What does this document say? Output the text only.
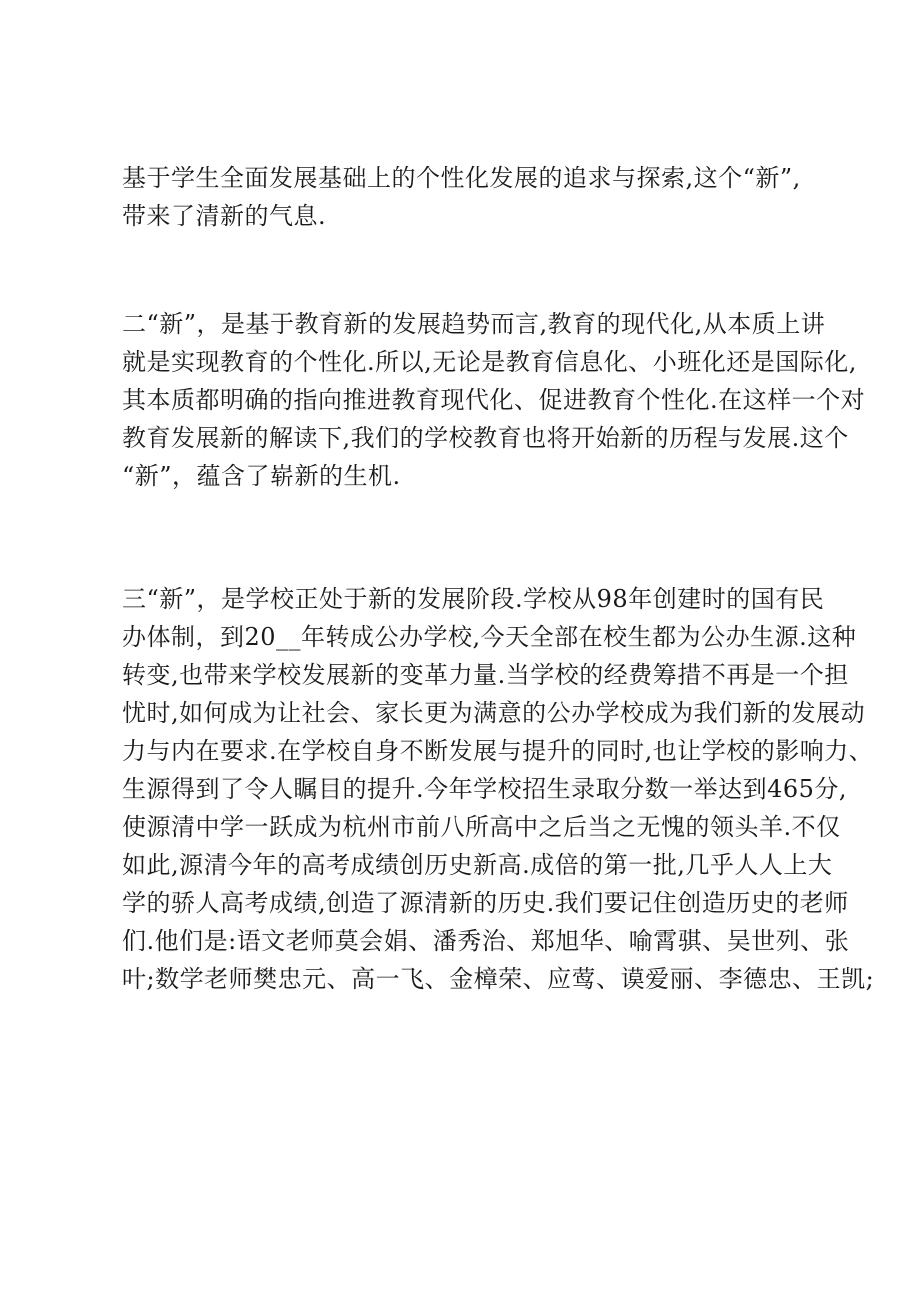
基于学生全面发展基础上的个性化发展的追求与探索,这个“新”,
带来了清新的气息.
二“新”，是基于教育新的发展趋势而言,教育的现代化,从本质上讲
就是实现教育的个性化.所以,无论是教育信息化、小班化还是国际化,
其本质都明确的指向推进教育现代化、促进教育个性化.在这样一个对
教育发展新的解读下,我们的学校教育也将开始新的历程与发展.这个
“新”，蕴含了崭新的生机.
三“新”，是学校正处于新的发展阶段.学校从98年创建时的国有民
办体制，到20__年转成公办学校,今天全部在校生都为公办生源.这种
转变,也带来学校发展新的变革力量.当学校的经费筹措不再是一个担
忧时,如何成为让社会、家长更为满意的公办学校成为我们新的发展动
力与内在要求.在学校自身不断发展与提升的同时,也让学校的影响力、
生源得到了令人瞩目的提升.今年学校招生录取分数一举达到465分,
使源清中学一跃成为杭州市前八所高中之后当之无愧的领头羊.不仅
如此,源清今年的高考成绩创历史新高.成倍的第一批,几乎人人上大
学的骄人高考成绩,创造了源清新的历史.我们要记住创造历史的老师
们.他们是:语文老师莫会娟、潘秀治、郑旭华、喻霄骐、吴世列、张
叶;数学老师樊忠元、高一飞、金樟荣、应莺、谟爱丽、李德忠、王凯;
